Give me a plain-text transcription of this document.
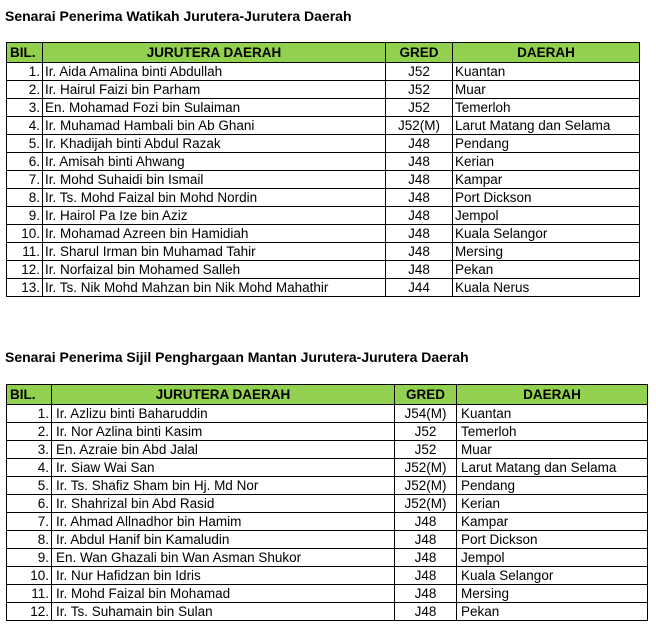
Senarai Penerima Watikah Jurutera-Jurutera Daerah
BIL.	JURUTERA DAERAH	GRED	DAERAH
1.	Ir. Aida Amalina binti Abdullah	J52	Kuantan
2.	Ir. Hairul Faizi bin Parham	J52	Muar
3.	En. Mohamad Fozi bin Sulaiman	J52	Temerloh
4.	Ir. Muhamad Hambali bin Ab Ghani	J52(M)	Larut Matang dan Selama
5.	Ir. Khadijah binti Abdul Razak	J48	Pendang
6.	Ir. Amisah binti Ahwang	J48	Kerian
7.	Ir. Mohd Suhaidi bin Ismail	J48	Kampar
8.	Ir. Ts. Mohd Faizal bin Mohd Nordin	J48	Port Dickson
9.	Ir. Hairol Pa Ize bin Aziz	J48	Jempol
10.	Ir. Mohamad Azreen bin Hamidiah	J48	Kuala Selangor
11.	Ir. Sharul Irman bin Muhamad Tahir	J48	Mersing
12.	Ir. Norfaizal bin Mohamed Salleh	J48	Pekan
13.	Ir. Ts. Nik Mohd Mahzan bin Nik Mohd Mahathir	J44	Kuala Nerus
Senarai Penerima Sijil Penghargaan Mantan Jurutera-Jurutera Daerah
BIL.	JURUTERA DAERAH	GRED	DAERAH
1.	Ir. Azlizu binti Baharuddin	J54(M)	Kuantan
2.	Ir. Nor Azlina binti Kasim	J52	Temerloh
3.	En. Azraie bin Abd Jalal	J52	Muar
4.	Ir. Siaw Wai San	J52(M)	Larut Matang dan Selama
5.	Ir. Ts. Shafiz Sham bin Hj. Md Nor	J52(M)	Pendang
6.	Ir. Shahrizal bin Abd Rasid	J52(M)	Kerian
7.	Ir. Ahmad Allnadhor bin Hamim	J48	Kampar
8.	Ir. Abdul Hanif bin Kamaludin	J48	Port Dickson
9.	En. Wan Ghazali bin Wan Asman Shukor	J48	Jempol
10.	Ir. Nur Hafidzan bin Idris	J48	Kuala Selangor
11.	Ir. Mohd Faizal bin Mohamad	J48	Mersing
12.	Ir. Ts. Suhamain bin Sulan	J48	Pekan
